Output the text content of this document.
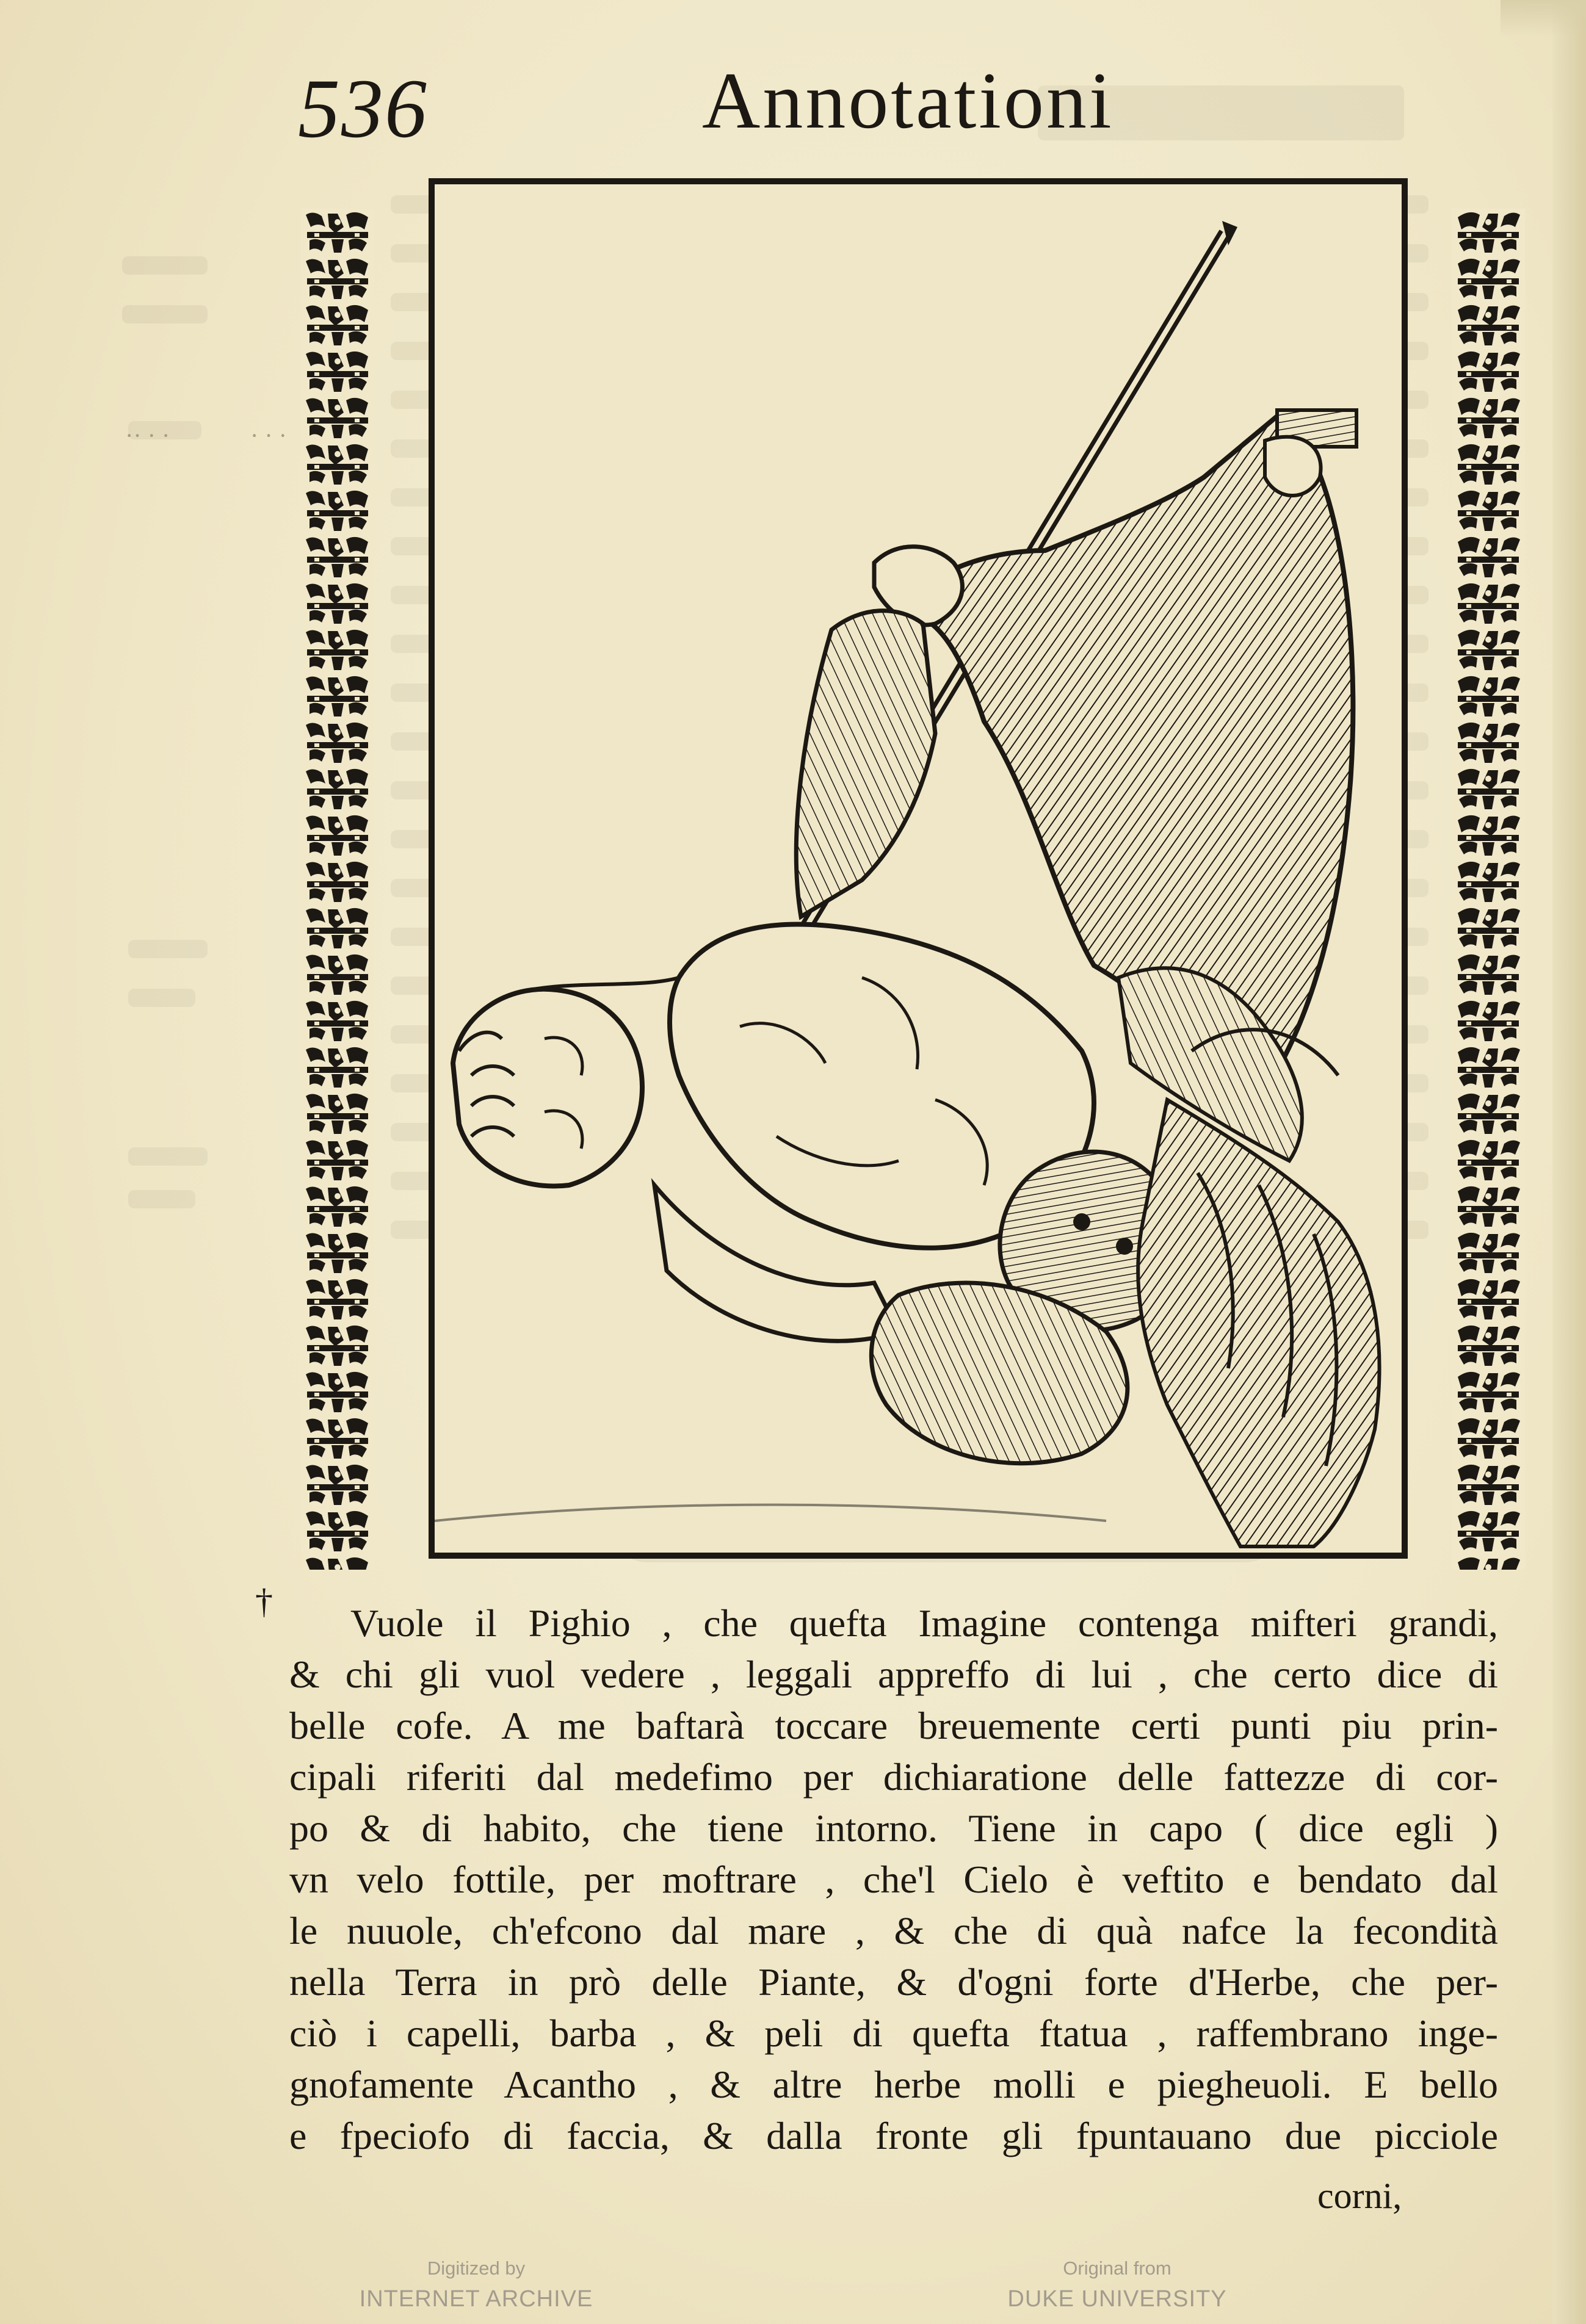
536	Annotationi
·· · ·	· · ·
†
Vuole il Pighio , che quefta Imagine contenga mifteri grandi,
& chi gli vuol vedere , leggali appreffo di lui , che certo dice di
belle cofe. A me baftarà toccare breuemente certi punti piu prin-
cipali riferiti dal medefimo per dichiaratione delle fattezze di cor-
po & di habito, che tiene intorno. Tiene in capo ( dice egli )
vn velo fottile, per moftrare , che'l Cielo è veftito e bendato dal
le nuuole, ch'efcono dal mare , & che di quà nafce la fecondità
nella Terra in prò delle Piante, & d'ogni forte d'Herbe, che per-
ciò i capelli, barba , & peli di quefta ftatua , raffembrano inge-
gnofamente Acantho , & altre herbe molli e piegheuoli. E bello
e fpeciofo di faccia, & dalla fronte gli fpuntauano due picciole
corni,
Digitized by
INTERNET ARCHIVE
Original from
DUKE UNIVERSITY
